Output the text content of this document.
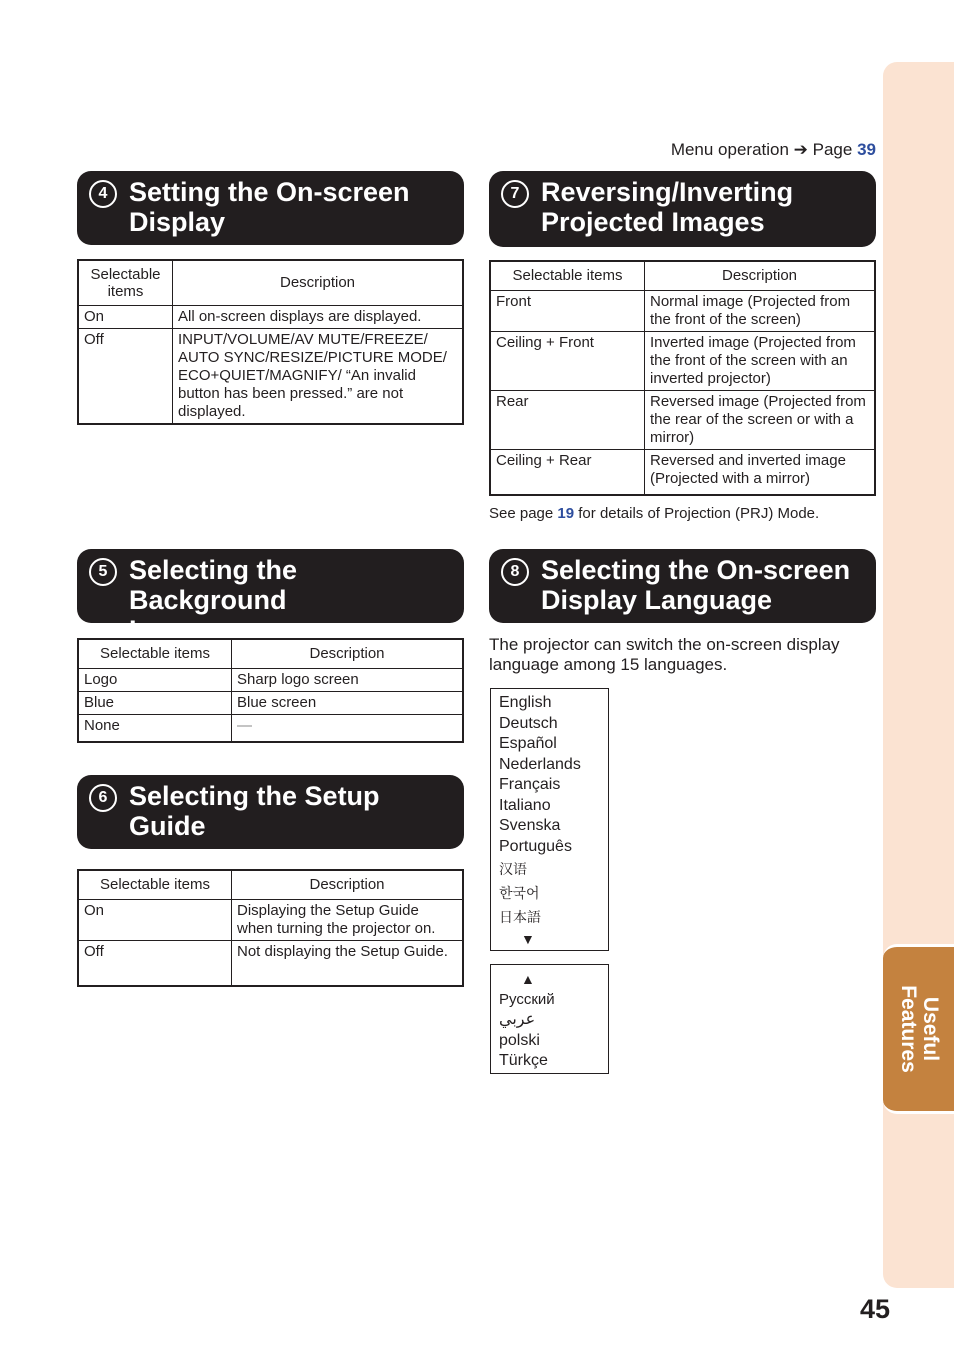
Useful
Features
45
Menu operation ➔ Page 39
4 Setting the On-screen
Display
Selectable items	Description
On	All on-screen displays are displayed.
Off	INPUT/VOLUME/AV MUTE/FREEZE/ AUTO SYNC/RESIZE/PICTURE MODE/ ECO+QUIET/MAGNIFY/ “An invalid button has been pressed.” are not displayed.
7 Reversing/Inverting
Projected Images
Selectable items	Description
Front	Normal image (Projected from the front of the screen)
Ceiling + Front	Inverted image (Projected from the front of the screen with an inverted projector)
Rear	Reversed image (Projected from the rear of the screen or with a mirror)
Ceiling + Rear	Reversed and inverted image (Projected with a mirror)
See page 19 for details of Projection (PRJ) Mode.
5 Selecting the Background
Image
Selectable items	Description
Logo	Sharp logo screen
Blue	Blue screen
None	—
8 Selecting the On-screen
Display Language
The projector can switch the on-screen display language among 15 languages.
English
Deutsch
Español
Nederlands
Français
Italiano
Svenska
Português
汉语
한국어
日本語
▼
▲
Русский
عربي
polski
Türkçe
6 Selecting the Setup
Guide
Selectable items	Description
On	Displaying the Setup Guide when turning the projector on.
Off	Not displaying the Setup Guide.
